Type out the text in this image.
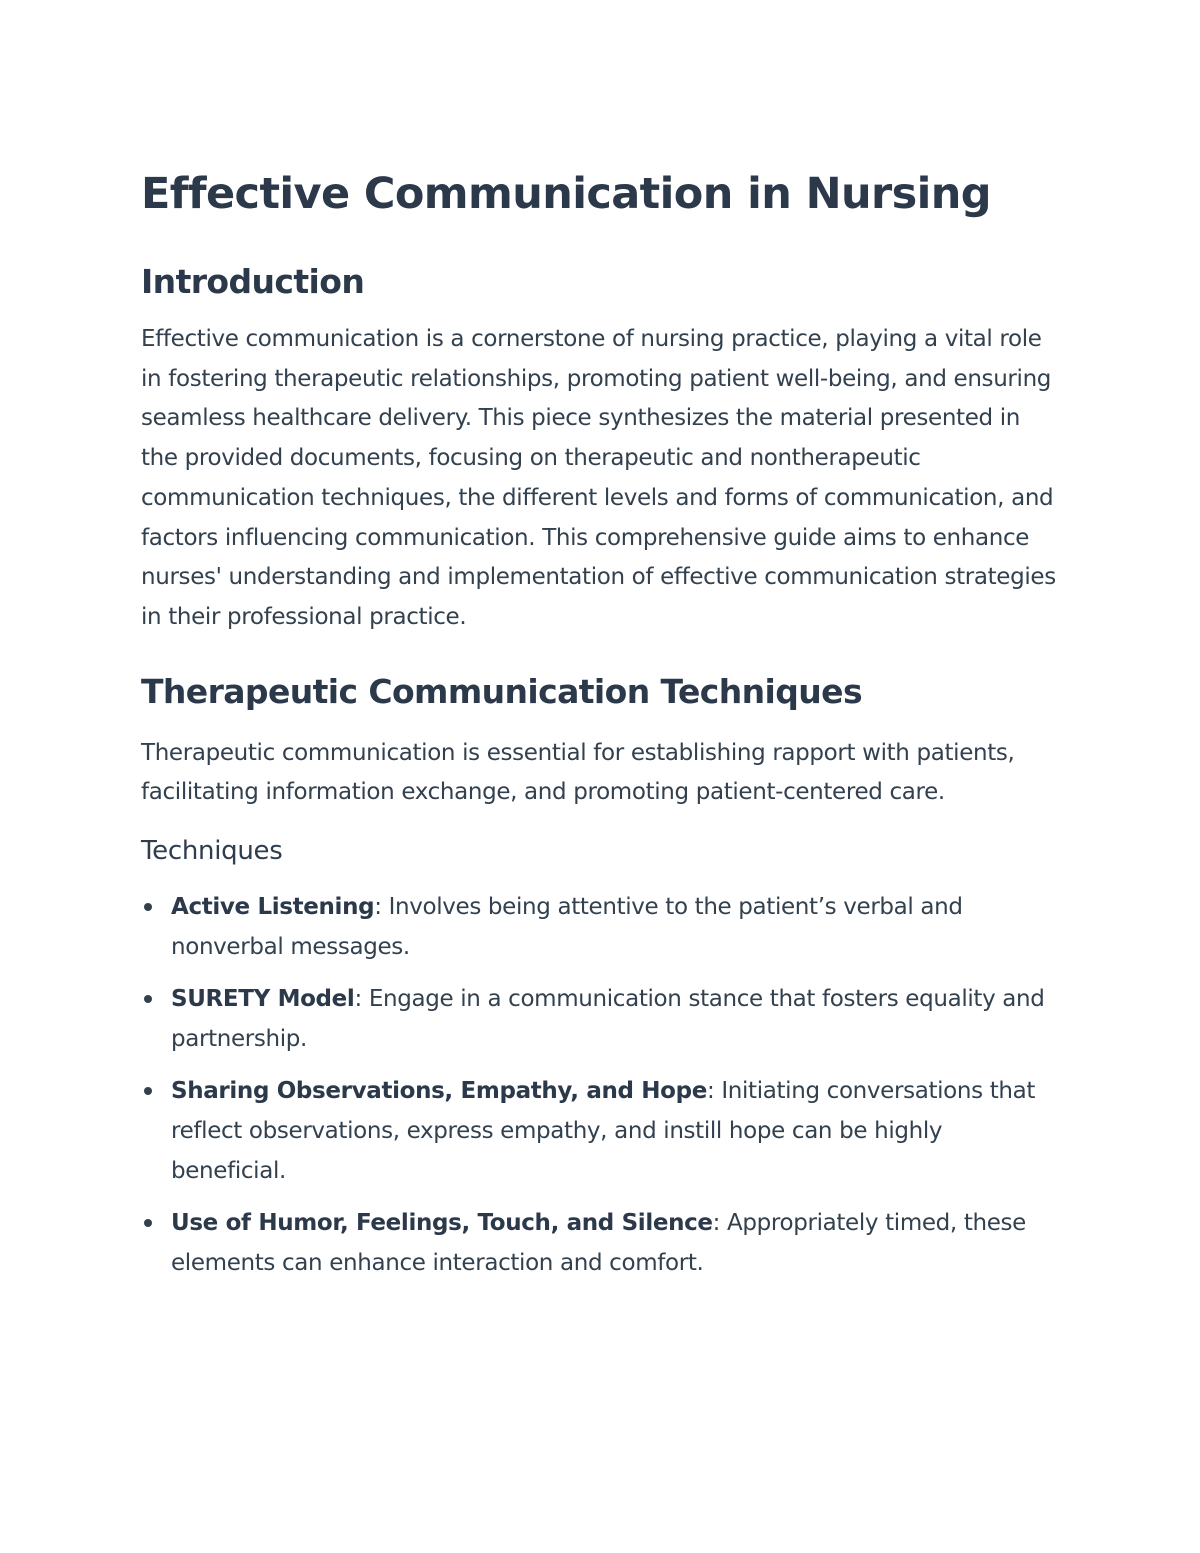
Effective Communication in Nursing
Introduction

Effective communication is a cornerstone of nursing practice, playing a vital role in fostering therapeutic relationships, promoting patient well-being, and ensuring seamless healthcare delivery. This piece synthesizes the material presented in the provided documents, focusing on therapeutic and nontherapeutic communication techniques, the different levels and forms of communication, and factors influencing communication. This comprehensive guide aims to enhance nurses' understanding and implementation of effective communication strategies in their professional practice.

Therapeutic Communication Techniques

Therapeutic communication is essential for establishing rapport with patients, facilitating information exchange, and promoting patient-centered care.

Techniques
Active Listening: Involves being attentive to the patient’s verbal and nonverbal messages.
SURETY Model: Engage in a communication stance that fosters equality and partnership.
Sharing Observations, Empathy, and Hope: Initiating conversations that reflect observations, express empathy, and instill hope can be highly beneficial.
Use of Humor, Feelings, Touch, and Silence: Appropriately timed, these elements can enhance interaction and comfort.
